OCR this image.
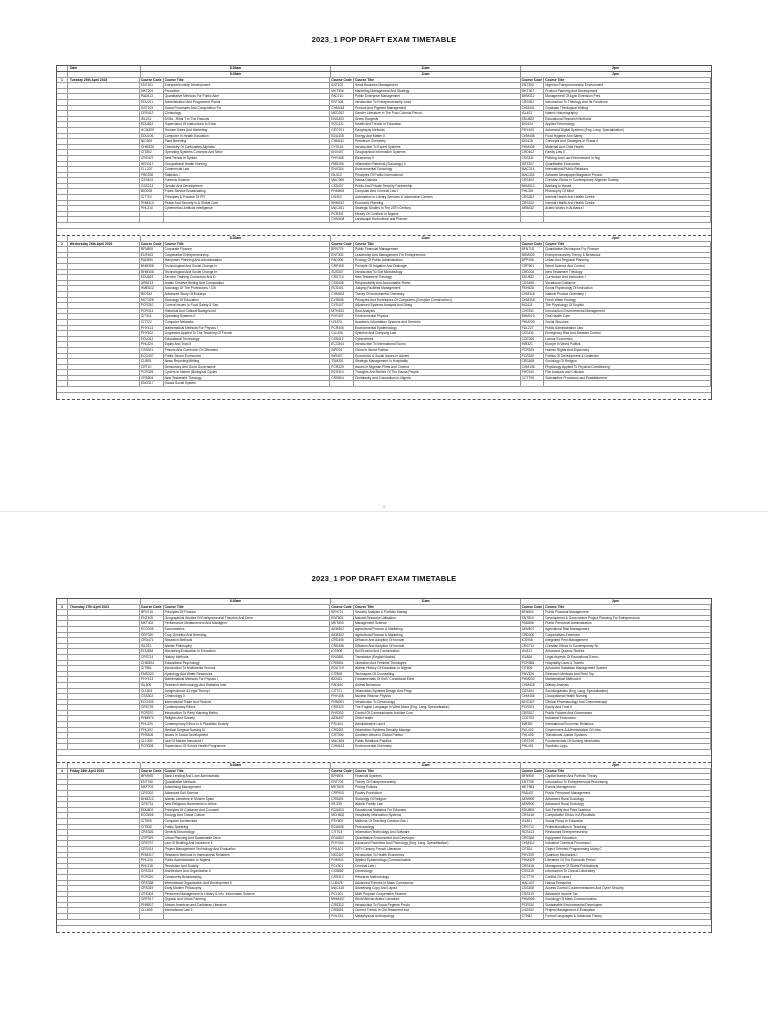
2023_1 POP DRAFT EXAM TIMETABLE
Date	8:30am	11am	2pm
8:30am	11am	2pm
1	Tuesday 25th April 2023	Course Code Course Title	Course Code Course Title	Course Code Course Title
ENT101	Entrepreneurship Development	ENT102	Small Business Management	ENT302	Nigerian Entrepreneurship Environment
MKT201	Promotion	MKT306	Marketing Management And Strategy	MKT307	Product Planning And Development
PAD813	Quantitative Methods For Public Adm	PAD710	Public Enterprise Management	BHM312	Management Of Agric Extension Pres
EDU211	Administration And Programme Planni	ENT408	Introduction To Entrepreneurship Lead	CRS302	Introduction To Theology And Its Functions
GST203	Social Processes And Composition Pa	CHM418	Product And Pigment Management	CHM401	Graduate Theological Writing
CRS412	Christology	MED202	Gender Literature In The Post Colonial Period	ISL403	Islamic Historiography
ISL212	Al Ma...Rihal T In The Rasools	ENG403	Greek Exegesis	EDU822	Educational Research Methods
EDU822	Supervision Of Instructions In Educ	SOC421	Health And Trends In Education	BIO424	Applied Entomology
HCM309	Tourism Sales And Marketing	GEO701	Geography Methods	PHY403	Advanced Digital Systems (Eng. Lang. Specialisation)
EDU106	Computer In Health Education	EDU418	Energy And Matter II	CHM406	Food Hygiene And Safety
BIO309	Plant Breeding	CHM411	Petroleum Chemistry	BIO418	Concepts And Strategies In Plants II
CHM326	Chemistry Of Carbonates Aliphatic	CYS116	Introduction To Expert Systems	PHM408	Maternal And Child Health
CIT852	Operating Systems Concepts And Netw	ENV407	Geographical Information Systems	CRD612	Family Law II
CRS427	New Trends In Syntax	PHY408	Electronics II	CSS331	Policing And Law Enforcement In Nig
HEN317	Occupational Health Nursing	FMS205	Information Retrieval (Sociology) II	GST207	Quantitative Economics
CLL207	Commercial Law	ENV304	Environmental Toxicology	MAC314	International Public Relations
FRE208	Statistics I	ISL512	Principles Of Public International	MAC403	Advance Newspaper/Magazine Produc
CSS402	Forensic Science	MAC306	Hausa Dialects	CRS402	Christian Ethics In Contemporary Nigerian Society
CSS213	Gender And Development	CSS407	Public And Private Security Partnership	BHM313	Banking In Hausa
BIO208	Public Service Broadcasting	PHM408	Computer And Criminal Law I	PHL301	Philosophy Of Mind
CIT702	Principles & Practice Of PR	LIS302	Automation In Library Services & Information Centres	CRS302	Internal Health And Health Centre
PHM313	Peace And Security In A Global Cont	BHM312	Economic Planning	CRS312	Internal Health And Health Centre
PHL310	Cybernetics/ Artificial Intelligence	MAC401	Strategic Studies In The 20Th Century	ARB432	Arabic Works In Al-Barda'i
PCR301	History Of Conflicts In Nigeria
CHM408	Landscape Horticulture and Planner
8:30am	11am	2pm
2	Wednesday 26th April 2023	Course Code Course Title	Course Code Course Title	Course Code Course Title
BFN805	Corporate Finance	BFN779	Public Financial Management	BFN718	Quantitative Techniques For Finance
ENT603	Cooperative Entrepreneurship	ENT303	Leadership And Management For Entrepreneurs	BHM309	Entrepreneurship Theory & Behaviour
PAD850	Manpower Planning And Administration	PAD306	Ecology Of Public Administration	BPP408	Urban And Regional Planning
BHM308	Technological And Social Change In	CRP406	Principle Of Irrigation And Drainage	CRP501	Weed Science And Control
BHM308	Technological And Social Change In	SUS307	Introduction To Soil Microbiology	CRD204	New Testament Theology
EDU823	Sermon Training Curriculum And D	CRS713	New Testament Theology	EDU832	Curriculum And Instruction I
ARB213	Arabic Creative Writing And Composition	CSS408	Responsibility And Accountable Rome	CSS406	Vocational Guidance
HME612	Sociology Of The Professions / CI5	RCS401	Judging Facilities Management	PSH528	Social Psychology Of Instruction
BIO312	Advanced Study Of Eukarya	CHM402	Theory Of Instrumental Chemistry	CHM318	Natural Product Chemistry I
MCT328	Sociology Of Education	CYS505	Principles And Techniques Of Computers (Compiler Construction I)	CHM318	Fresh Water Ecology
PCR310	Current Issues In Food Safety & San	CYS407	Advanced Systems Analysis And Desig	BIO411	The Physiology Of English
PCR314	Historical And Cultural Background	MTH403	Real Analysis	CHS911	Introduction Environmental Management
CIT311	Operating Systems II	PHY407	Environmental Physics	BHM213	Oral Health Care
CIT722	Computer Networks	LIS423	Academic Information Systems And Services	PHM209	Social Structure
PHY414	Mathematical Methods For Physics I	PCR405	Environmental Epidemiology	PUL227	Public Administration Law
PHY402	Linguistics Applied To The Teaching Of French	CLL406	Systems And Company Law	CSS431	Emergency Risk And Disaster Control
EDU312	Educational Technology	CSS412	Cybercrimes	CCE206	Labour Economics
PHL424	Equity And Trust II	ECO304	Introduction To International Econo	INR321	Europe In World Politics
CSS301	Prisons And Correction Of Offenders	INR201	China In World Politics	PCR325	Human Rights And Diplomacy
ECO407	Public Sector Economics	INR407	Economics & Social Issues In Advent	PCR320	Politics Of Development & Underdev
CLB05	News Reporting/Writing	TSM301	Strategic Management In Hospitality	CRS408	Sociology Of Religion
CRT10	Democracy And Good Governance	PCR329	Issues In Nigerian Films And Cinema	CHM106	Physiology Applied To Physical Conditioning
PCR325	Cyclers In Nature (Biological Cycles	RCS310	Thoughts And Beliefs Of The Hausa People	PHD310	Fire Analysis and Criticism
CRS804	New Testament Theology	CRS804	Christianity and Colonialism In Nigeria	CCT705	Substantive Provisions and Establishment
ENG317	Hausa Social System
1
2023_1 POP DRAFT EXAM TIMETABLE
8:30am	11am	2pm
3	Thursday 27th April 2023	Course Code Course Title	Course Code Course Title	Course Code Course Title
BFN715	Principles Of Finance	BFN721	Security Analysis & Portfolio Manag	BFN802	Public Financial Management
ENT405	Geographical Studies Of Entrepreneurial Theories And Deve	ENT802	Natural Resource Utilisation	ENT810	Development & Government Project Planning For Entrepreneurs
MKT402	Performance Measurement And Managem	MKT800	Management Science	PAD806	Public Personnel Administration
ECO305	Econometrics	AEM302	Agricultural Finance & Marketing	AEM507	Agricultural Risk Management
CRP320	Crop Genetics And Breeding	AEM302	Agricultural Finance & Marketing	CRD300	Cooperatives Extension
CRD471	Research Methods	CRD406	Diffusion And Adoption Of Innovat	ICS908	Integrated Pest Management
ISL321	Islamic Philosophy	CRD406	Diffusion And Adoption Of Innovat	CRS712	Christian Ethics In Contemporary Ni
EDU834	Monitoring/Evaluation In Education	ICS908	Soil Erosion And Conservation	ISL812	Advanced Quranic Studies
CRS714	History Methods	ENG881	Translation (English/Arabic)	ISL806	Legal Aspects Of Educational Execu
CHM304	Educational Psychology	CRS801	Liberation And Feminist Theologies	PCR358	Hospitality Laws & Travels
CIT861	Introduction To Multimedia Technol	EDU719	Islamic History Of Education In Nigeria	CIT806	Advanced Database Management System
EMS323	Hydrology And Water Resources	CIT805	Techniques Of Counselling	ENV324	Research Methods And Field Trip
PHY413	Mathematical Methods For Physics I	BIO411	Fundamentals Of Soil / Conditional Elect	PHM203	Mathematical Methods II
ISL806	Research Methodology And Statistics Instr	PAD810	Animal Behaviour	CHM418	Dietary Analysis
CLL601	Jurisprudence & Legal Theory I	CIT721	Information Systems Design And Progr	CSS404	Sociolinguistics (Eng. Lang. Specialisation)
CSS302	Criminology II	PHY408	Nuclear Reactor Physics	CHM406	Occupational Health Nursing
ECO405	International Trade And Finance	PHM201	Introduction To Genecology	MHC307	Clinical Pharmacology And Chemotherapy
CRS729	Contemporary Ethics	CRS320	The English Language In West Africa (Eng. Lang. Specialisation)	PCR323	Equity And Trust II
PCR370	Introduction To Party Warning Metho	PHS302	Control Of Communicable Ancillae Com	CRS517	Public Policies And Governance
PHM970	Religion And Society	AEM407	Child Health	CCE703	Industrial Economics
PHL320	Contemporary Ethics In A Pluralistic Society	PSL401	Administrative Law II	INR381	International Economic Relations
PHL302	Medical Surgical Nursing III	CRS401	Information Systems Security Manage	PUL402	Government & Administration Of Urba
PHS406	Issues In Social Development	CRT306	Southern Africa In Global Politics	PHL405	Transitional Justice Systems
CLL309	Law Of Marine Insurance I	MAC406	Public Relations Practice	CRS706	Fundamentals Of Nursing Informatics
PCR308	Supervision Of School Health Programme	CHM413	Environmental Chemistry	PHL401	Symbolic Logic
8:30am	11am	2pm
4	Friday 28th April 2023	Course Code Course Title	Course Code Course Title	Course Code Course Title
BFN905	Bank Lending And Loan Administratio	BFN904	Financial Systems	BFN908	Capital Market And Portfolio Theory
ENT706	Quantitative Methods	ENT705	Theory Of Entrepreneurship	ENT705	Introduction To Entrepreneurial Processing
MKT703	Advertising Management	MKT829	Pricing Policies	MKT983	Events Management
CRS302	Advanced Soil Science	CRP903	Poultry Production	PAD407	Public Personnel Management
BHM212	Islamic Literature In Muslim Spain	CRS601	Sociology Of Religion	AEM909	Advanced Rural Sociology
CRS731	New Religious Movements In Africa	ISL339	Islamic Family Law	AEM900	Advanced Rural Sociology
EDU802	Principles Of Guidance And Counsell	EDU803	Educational Statistics For Educator	EDU806	Soil Fertility And Plant Nutrition
ECO605	Ecology And Tissue Culture	MCH802	Hospitality Information Systems	CRS418	Comparative Ethics In A Pluralistic
CIT800	Computer Architecture	PSY802	Methods Of Teaching Creation Edu I	ISL801	Social Policy In Education
CIT830	Public Speaking	EDU608	Protozoology	CRS712	Professionalism In Teaching
CRS326	General Entomology	CIT703	Information Technology And Software	RCS413	Restaurant Entrepreneurship
CRP329	Urban Planning And Sustainable Deve	EDU802	Quantitative Environment And Developm	CRS308	Equipment Education
CRS707	Law Of Building And Insurance II	PHY404	Advanced Phonetics And Phonology (Eng. Lang. Specialisation)	CHM312	Industrial Chemical Processes I
CRS414	Project Management Technology And Evaluation	PHL401	20Th Century French Literature	CIT801	Object Oriented Programming Using C
PHM417	Research Methods In International Relations	NSC407	Introduction To Health Economics	PHY309	Quantum Mechanics I
PHL310	Public Administration In Nigeria	PHM311	Applied Epidemiology (Communicable	PHM425	Literature Of The Romantic Period
PHL318	Revolution And Society	PCL301	Criminal Law I	CRS418	Management Of Global Publications
CRS314	Architecture And Organization II	CSS882	Criminology	CSS315	Introduction To Clinical Laboratory
PCR320	Community Broadcasting	CRS312	Research Methodology	CCT779	Conflict Of Laws I
CRS338	International Organization And Development II	LLB421	Advanced Themes In Mass Communica	MAC407	Hausa Semantics
CRS319	Early Modern Philosophy	MAC415	Advertising Copy And Layout	CSS308	Access Control Countermeasures And Cyber Security
CRS404	Personnel Management In Library & Info. Information Science	PCL301	Multi Purpose Cooperative Finance	CSS319	Advanced Income Tax
CRP917	Organic And Urban Farming	MHM407	World African Arabic Literature	PHM306	Sociology Of Mass Communication
PHM817	African American and Caribbean Literature	CRS312	Introduction To Rocca Pegeme Produ	PCR310	Sustainable Environmental Developme
CLL609	International Law II	CRS801	Current Trends In Old Testament Inst	LNG402	Project Management & Evaluation
PHL313	Metaphysical Anthropology	CTH82	Formal Languages & Automata Theory
